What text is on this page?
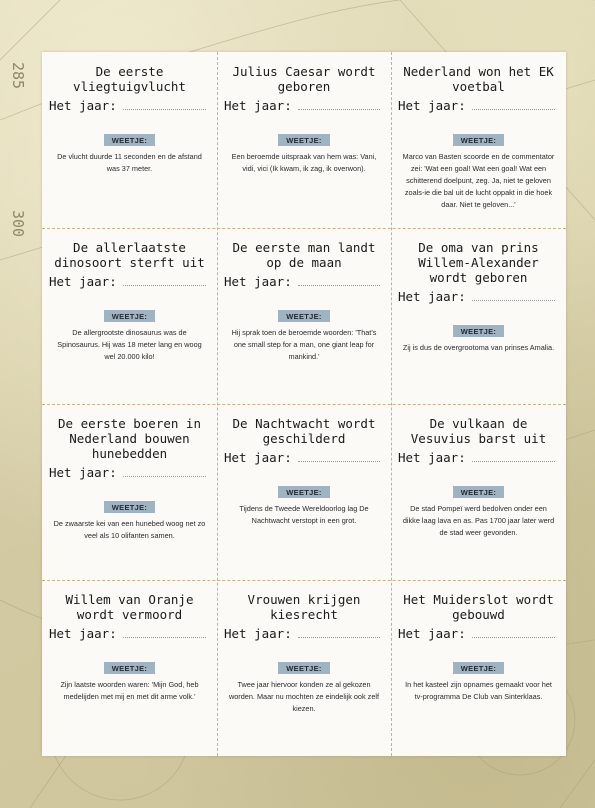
285
300
De eerste vliegtuigvlucht
Het jaar:
WEETJE:
De vlucht duurde 11 seconden en de afstand was 37 meter.
Julius Caesar wordt geboren
Het jaar:
WEETJE:
Een beroemde uitspraak van hem was: Vani, vidi, vici (Ik kwam, ik zag, ik overwon).
Nederland won het EK voetbal
Het jaar:
WEETJE:
Marco van Basten scoorde en de commentator zei: 'Wat een goal! Wat een goal! Wat een schitterend doelpunt, zeg. Ja, niet te geloven zoals-ie die bal uit de lucht oppakt in die hoek daar. Niet te geloven...'
De allerlaatste dinosoort sterft uit
Het jaar:
WEETJE:
De allergrootste dinosaurus was de Spinosaurus. Hij was 18 meter lang en woog wel 20.000 kilo!
De eerste man landt op de maan
Het jaar:
WEETJE:
Hij sprak toen de beroemde woorden: 'That's one small step for a man, one giant leap for mankind.'
De oma van prins Willem-Alexander wordt geboren
Het jaar:
WEETJE:
Zij is dus de overgrootoma van prinses Amalia.
De eerste boeren in Nederland bouwen hunebedden
Het jaar:
WEETJE:
De zwaarste kei van een hunebed woog net zo veel als 10 olifanten samen.
De Nachtwacht wordt geschilderd
Het jaar:
WEETJE:
Tijdens de Tweede Wereldoorlog lag De Nachtwacht verstopt in een grot.
De vulkaan de Vesuvius barst uit
Het jaar:
WEETJE:
De stad Pompeï werd bedolven onder een dikke laag lava en as. Pas 1700 jaar later werd de stad weer gevonden.
Willem van Oranje wordt vermoord
Het jaar:
WEETJE:
Zijn laatste woorden waren: 'Mijn God, heb medelijden met mij en met dit arme volk.'
Vrouwen krijgen kiesrecht
Het jaar:
WEETJE:
Twee jaar hiervoor konden ze al gekozen worden. Maar nu mochten ze eindelijk ook zelf kiezen.
Het Muiderslot wordt gebouwd
Het jaar:
WEETJE:
In het kasteel zijn opnames gemaakt voor het tv-programma De Club van Sinterklaas.
